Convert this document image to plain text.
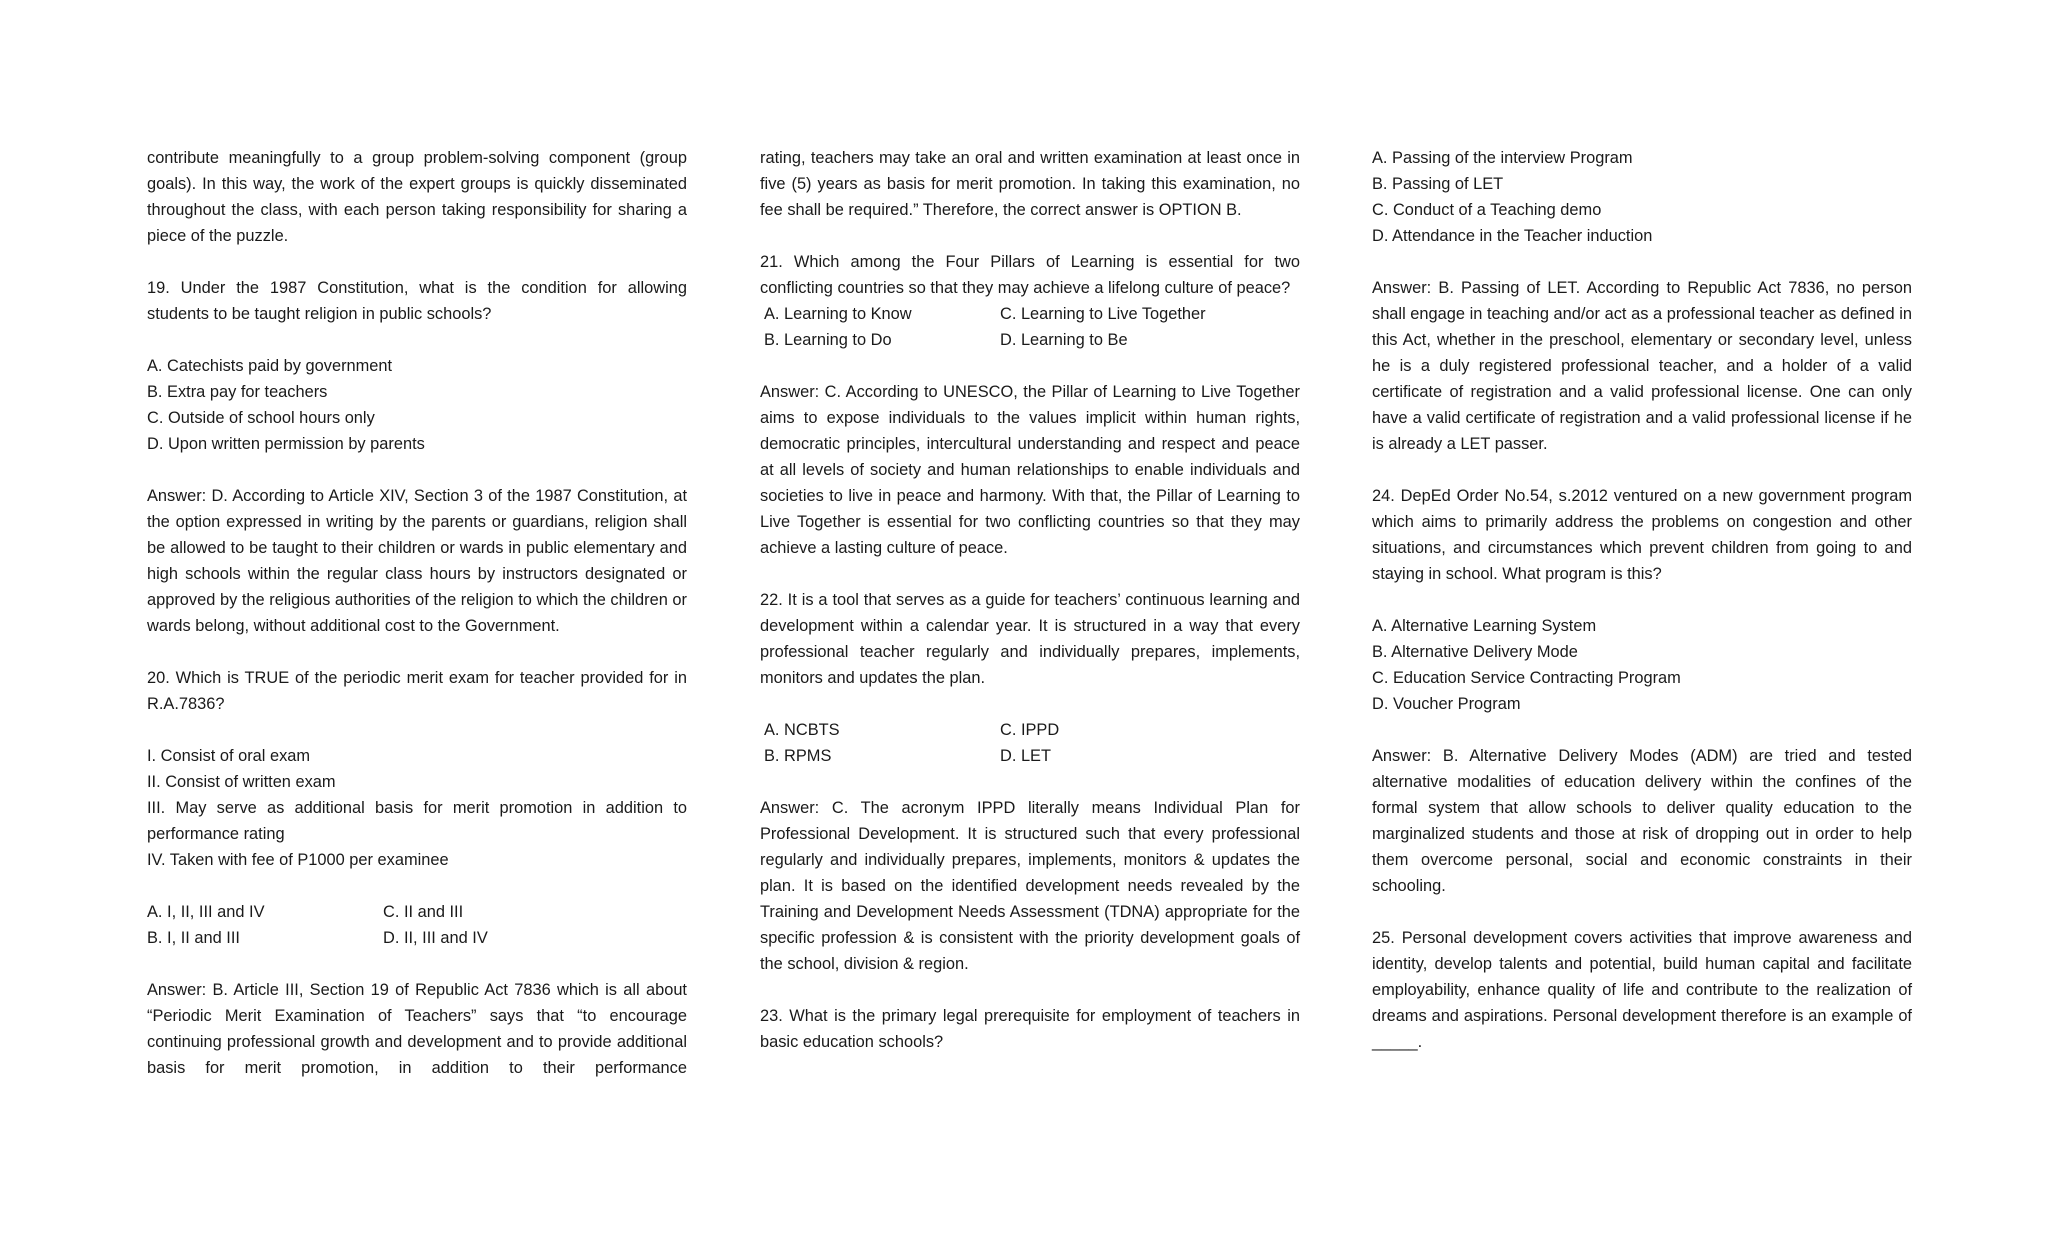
contribute meaningfully to a group problem-solving component (group goals). In this way, the work of the expert groups is quickly disseminated throughout the class, with each person taking responsibility for sharing a piece of the puzzle.

19. Under the 1987 Constitution, what is the condition for allowing students to be taught religion in public schools?

A. Catechists paid by government
B. Extra pay for teachers
C. Outside of school hours only
D. Upon written permission by parents

Answer: D. According to Article XIV, Section 3 of the 1987 Constitution, at the option expressed in writing by the parents or guardians, religion shall be allowed to be taught to their children or wards in public elementary and high schools within the regular class hours by instructors designated or approved by the religious authorities of the religion to which the children or wards belong, without additional cost to the Government.

20. Which is TRUE of the periodic merit exam for teacher provided for in R.A.7836?

I. Consist of oral exam
II. Consist of written exam

III. May serve as additional basis for merit promotion in addition to performance rating

IV. Taken with fee of P1000 per examinee
A. I, II, III and IV	C. II and III
B. I, II and III	D. II, III and IV

Answer: B. Article III, Section 19 of Republic Act 7836 which is all about “Periodic Merit Examination of Teachers” says that “to encourage continuing professional growth and development and to provide additional basis for merit promotion, in addition to their performance

rating, teachers may take an oral and written examination at least once in five (5) years as basis for merit promotion. In taking this examination, no fee shall be required.” Therefore, the correct answer is OPTION B.

21. Which among the Four Pillars of Learning is essential for two conflicting countries so that they may achieve a lifelong culture of peace?

A. Learning to Know	C. Learning to Live Together
B. Learning to Do	D. Learning to Be

Answer: C. According to UNESCO, the Pillar of Learning to Live Together aims to expose individuals to the values implicit within human rights, democratic principles, intercultural understanding and respect and peace at all levels of society and human relationships to enable individuals and societies to live in peace and harmony. With that, the Pillar of Learning to Live Together is essential for two conflicting countries so that they may achieve a lasting culture of peace.

22. It is a tool that serves as a guide for teachers’ continuous learning and development within a calendar year. It is structured in a way that every professional teacher regularly and individually prepares, implements, monitors and updates the plan.

A. NCBTS	C. IPPD
B. RPMS	D. LET

Answer: C. The acronym IPPD literally means Individual Plan for Professional Development. It is structured such that every professional regularly and individually prepares, implements, monitors & updates the plan. It is based on the identified development needs revealed by the Training and Development Needs Assessment (TDNA) appropriate for the specific profession & is consistent with the priority development goals of the school, division & region.

23. What is the primary legal prerequisite for employment of teachers in basic education schools?

A. Passing of the interview Program
B. Passing of LET
C. Conduct of a Teaching demo
D. Attendance in the Teacher induction

Answer: B. Passing of LET. According to Republic Act 7836, no person shall engage in teaching and/or act as a professional teacher as defined in this Act, whether in the preschool, elementary or secondary level, unless he is a duly registered professional teacher, and a holder of a valid certificate of registration and a valid professional license. One can only have a valid certificate of registration and a valid professional license if he is already a LET passer.

24. DepEd Order No.54, s.2012 ventured on a new government program which aims to primarily address the problems on congestion and other situations, and circumstances which prevent children from going to and staying in school. What program is this?

A. Alternative Learning System
B. Alternative Delivery Mode
C. Education Service Contracting Program
D. Voucher Program

Answer: B. Alternative Delivery Modes (ADM) are tried and tested alternative modalities of education delivery within the confines of the formal system that allow schools to deliver quality education to the marginalized students and those at risk of dropping out in order to help them overcome personal, social and economic constraints in their schooling.

25. Personal development covers activities that improve awareness and identity, develop talents and potential, build human capital and facilitate employability, enhance quality of life and contribute to the realization of dreams and aspirations. Personal development therefore is an example of _____.
